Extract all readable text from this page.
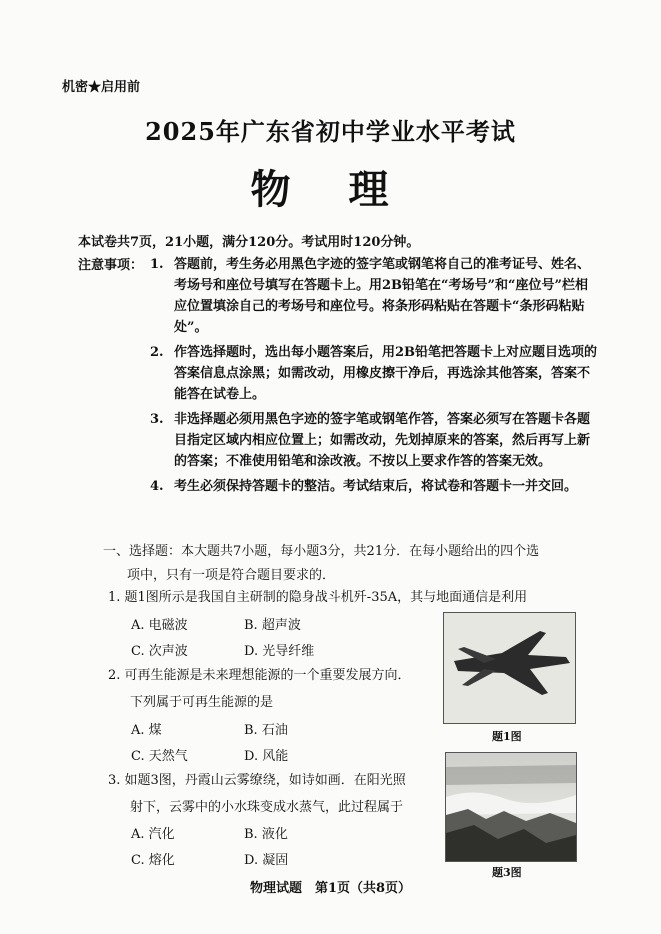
机密★启用前
2025年广东省初中学业水平考试
物 理
本试卷共7页，21小题，满分120分。考试用时120分钟。
注意事项： 1. 答题前，考生务必用黑色字迹的签字笔或钢笔将自己的准考证号、姓名、考场号和座位号填写在答题卡上。用2B铅笔在“考场号”和“座位号”栏相应位置填涂自己的考场号和座位号。将条形码粘贴在答题卡“条形码粘贴处”。
2. 作答选择题时，选出每小题答案后，用2B铅笔把答题卡上对应题目选项的答案信息点涂黑；如需改动，用橡皮擦干净后，再选涂其他答案，答案不能答在试卷上。
3. 非选择题必须用黑色字迹的签字笔或钢笔作答，答案必须写在答题卡各题目指定区域内相应位置上；如需改动，先划掉原来的答案，然后再写上新的答案；不准使用铅笔和涂改液。不按以上要求作答的答案无效。
4. 考生必须保持答题卡的整洁。考试结束后，将试卷和答题卡一并交回。
一、选择题：本大题共7小题，每小题3分，共21分．在每小题给出的四个选
项中，只有一项是符合题目要求的．
1. 题1图所示是我国自主研制的隐身战斗机歼-35A，其与地面通信是利用
A. 电磁波	B. 超声波
C. 次声波	D. 光导纤维
2. 可再生能源是未来理想能源的一个重要发展方向．
下列属于可再生能源的是
A. 煤	B. 石油
C. 天然气	D. 风能
3. 如题3图，丹霞山云雾缭绕，如诗如画．在阳光照
射下，云雾中的小水珠变成水蒸气，此过程属于
A. 汽化	B. 液化
C. 熔化	D. 凝固
题1图
题3图
物理试题　第1页（共8页）
